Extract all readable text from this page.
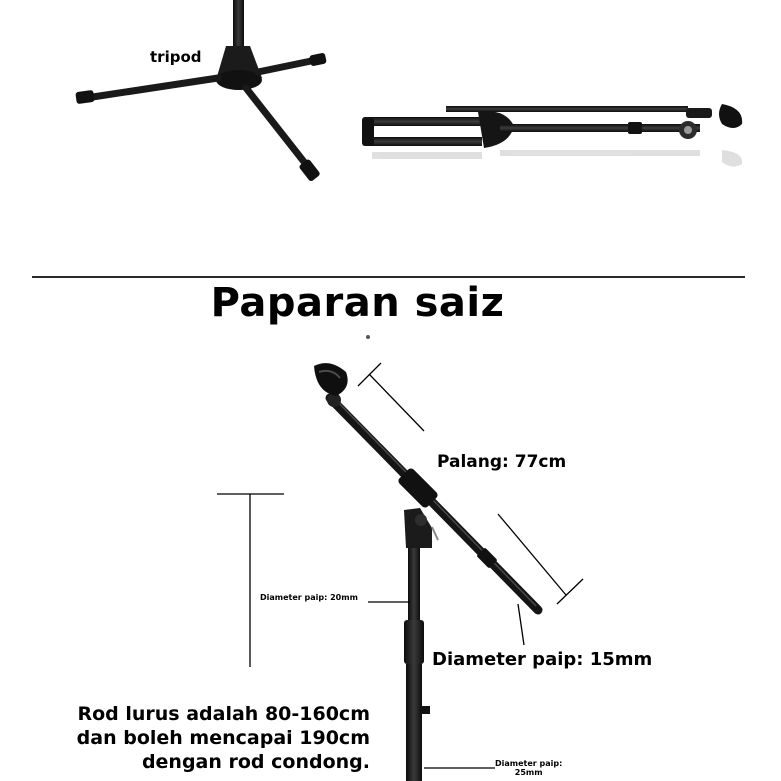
tripod
Paparan saiz
Palang: 77cm
Diameter paip: 20mm
Diameter paip:
25mm
Diameter paip: 15mm
Rod lurus adalah 80-160cm
dan boleh mencapai 190cm
dengan rod condong.
